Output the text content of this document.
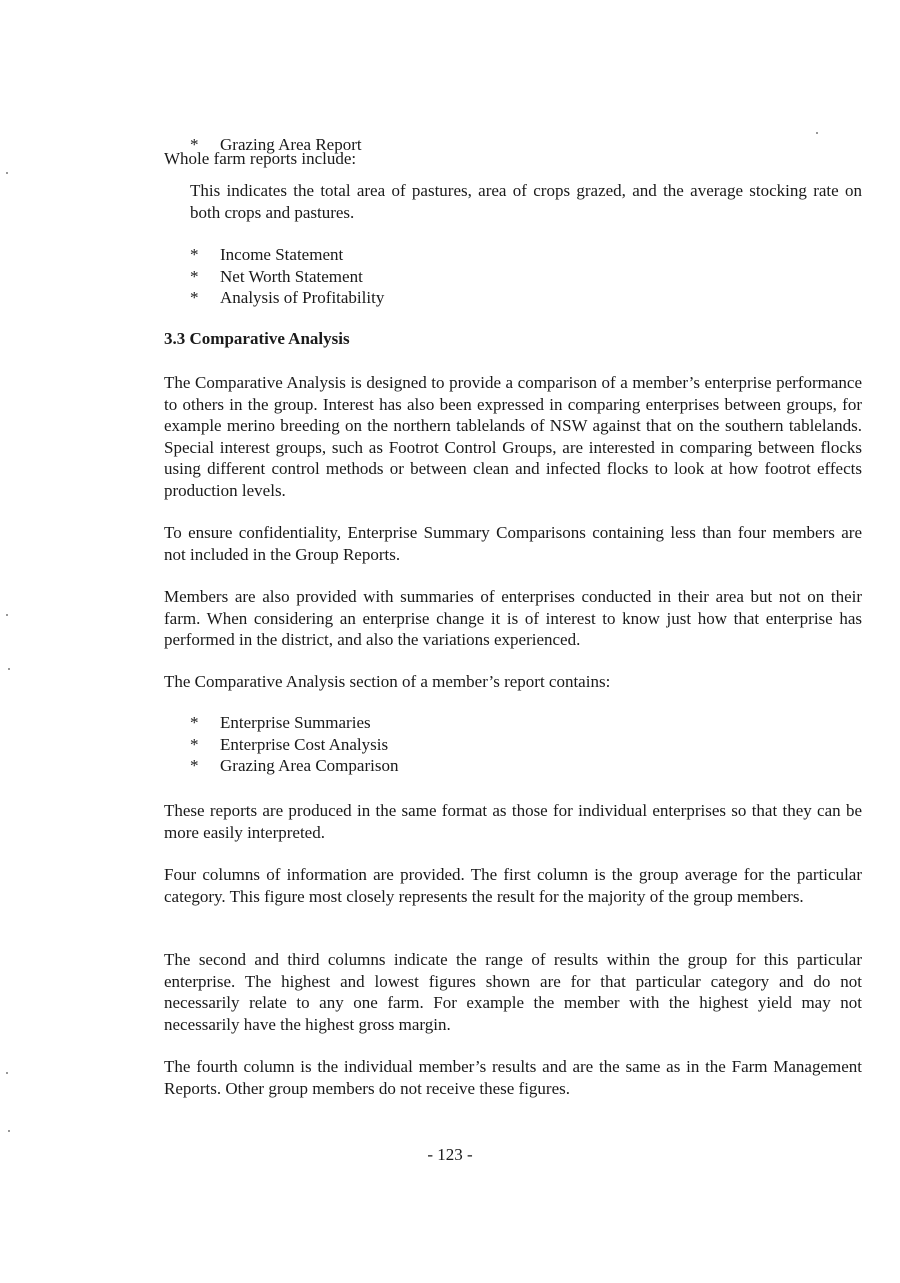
Whole farm reports include:

* Grazing Area Report

This indicates the total area of pastures, area of crops grazed, and the average stocking rate on both crops and pastures.

* Income Statement
* Net Worth Statement
* Analysis of Profitability
3.3 Comparative Analysis

The Comparative Analysis is designed to provide a comparison of a member’s enterprise performance to others in the group. Interest has also been expressed in comparing enterprises between groups, for example merino breeding on the northern tablelands of NSW against that on the southern tablelands. Special interest groups, such as Footrot Control Groups, are interested in comparing between flocks using different control methods or between clean and infected flocks to look at how footrot effects production levels.

To ensure confidentiality, Enterprise Summary Comparisons containing less than four members are not included in the Group Reports.

Members are also provided with summaries of enterprises conducted in their area but not on their farm. When considering an enterprise change it is of interest to know just how that enterprise has performed in the district, and also the variations experienced.

The Comparative Analysis section of a member’s report contains:

* Enterprise Summaries
* Enterprise Cost Analysis
* Grazing Area Comparison

These reports are produced in the same format as those for individual enterprises so that they can be more easily interpreted.

Four columns of information are provided. The first column is the group average for the particular category. This figure most closely represents the result for the majority of the group members.

The second and third columns indicate the range of results within the group for this particular enterprise. The highest and lowest figures shown are for that particular category and do not necessarily relate to any one farm. For example the member with the highest yield may not necessarily have the highest gross margin.

The fourth column is the individual member’s results and are the same as in the Farm Management Reports. Other group members do not receive these figures.

- 123 -
